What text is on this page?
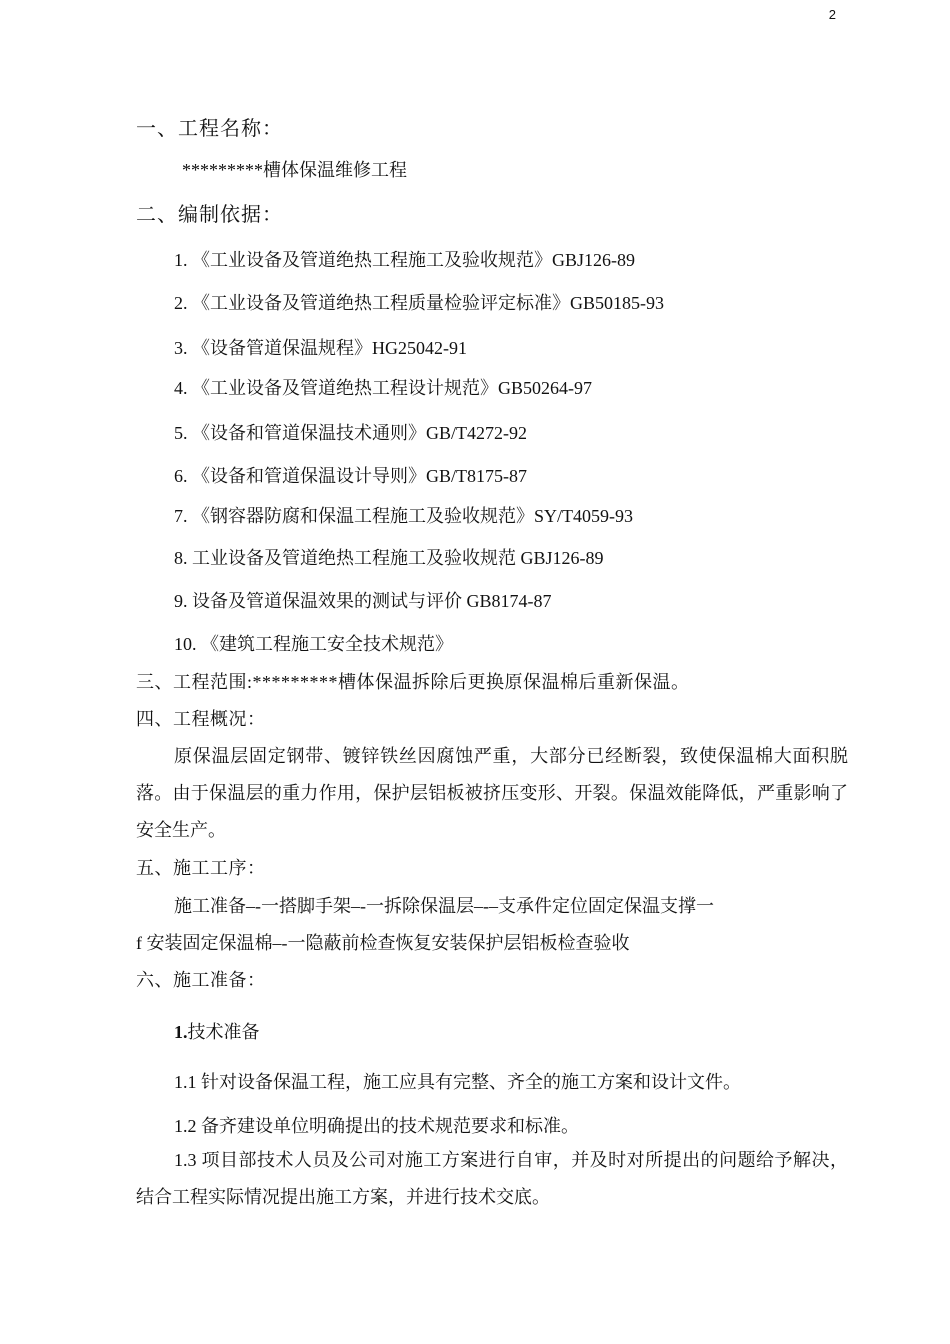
2
一、工程名称：
*********槽体保温维修工程
二、编制依据：
1. 《工业设备及管道绝热工程施工及验收规范》GBJ126-89
2. 《工业设备及管道绝热工程质量检验评定标准》GB50185-93
3. 《设备管道保温规程》HG25042-91
4. 《工业设备及管道绝热工程设计规范》GB50264-97
5. 《设备和管道保温技术通则》GB/T4272-92
6. 《设备和管道保温设计导则》GB/T8175-87
7. 《钢容器防腐和保温工程施工及验收规范》SY/T4059-93
8. 工业设备及管道绝热工程施工及验收规范 GBJ126-89
9. 设备及管道保温效果的测试与评价 GB8174-87
10. 《建筑工程施工安全技术规范》
三、工程范围:*********槽体保温拆除后更换原保温棉后重新保温。
四、工程概况：
原保温层固定钢带、镀锌铁丝因腐蚀严重，大部分已经断裂，致使保温棉大面积脱落。由于保温层的重力作用，保护层铝板被挤压变形、开裂。保温效能降低，严重影响了安全生产。
五、施工工序：
施工准备–-一搭脚手架–-一拆除保温层–-–支承件定位固定保温支撑一
f 安装固定保温棉–-一隐蔽前检查恢复安装保护层铝板检查验收
六、施工准备：
1.技术准备
1.1 针对设备保温工程，施工应具有完整、齐全的施工方案和设计文件。
1.2 备齐建设单位明确提出的技术规范要求和标准。
1.3 项目部技术人员及公司对施工方案进行自审，并及时对所提出的问题给予解决，结合工程实际情况提出施工方案，并进行技术交底。
